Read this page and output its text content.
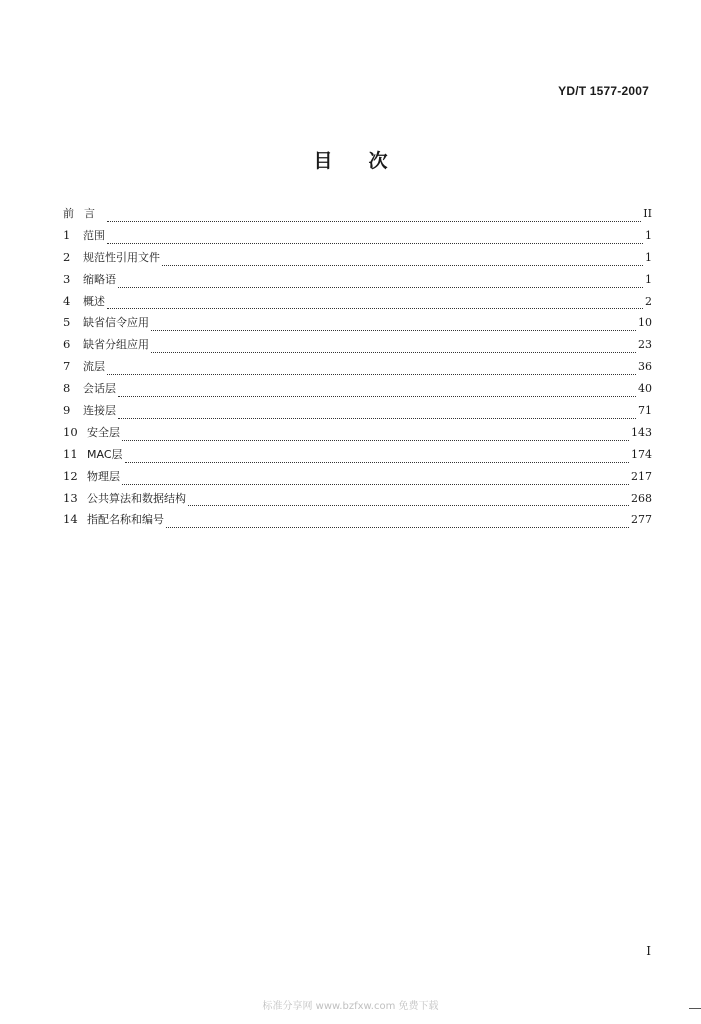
YD/T 1577-2007
目 次
前言	II
1	范围	1
2	规范性引用文件	1
3	缩略语	1
4	概述	2
5	缺省信令应用	10
6	缺省分组应用	23
7	流层	36
8	会话层	40
9	连接层	71
10 安全层	143
11 MAC层	174
12 物理层	217
13 公共算法和数据结构	268
14 指配名称和编号	277
I
标准分享网 www.bzfxw.com 免费下载
